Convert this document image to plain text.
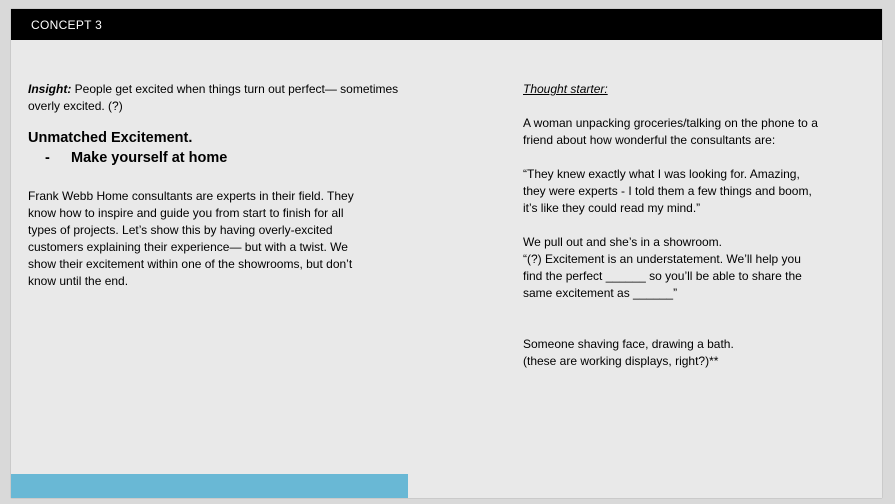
CONCEPT 3

Insight: People get excited when things turn out perfect— sometimes overly excited. (?)

Unmatched Excitement.

-	Make yourself at home

Frank Webb Home consultants are experts in their field. They know how to inspire and guide you from start to finish for all types of projects. Let’s show this by having overly-excited customers explaining their experience— but with a twist. We show their excitement within one of the showrooms, but don’t know until the end.

Thought starter:

A woman unpacking groceries/talking on the phone to a friend about how wonderful the consultants are:

“They knew exactly what I was looking for. Amazing, they were experts - I told them a few things and boom, it’s like they could read my mind.”

We pull out and she’s in a showroom.

“(?) Excitement is an understatement. We’ll help you find the perfect ______ so you’ll be able to share the same excitement as ______”

Someone shaving face, drawing a bath.

(these are working displays, right?)**
